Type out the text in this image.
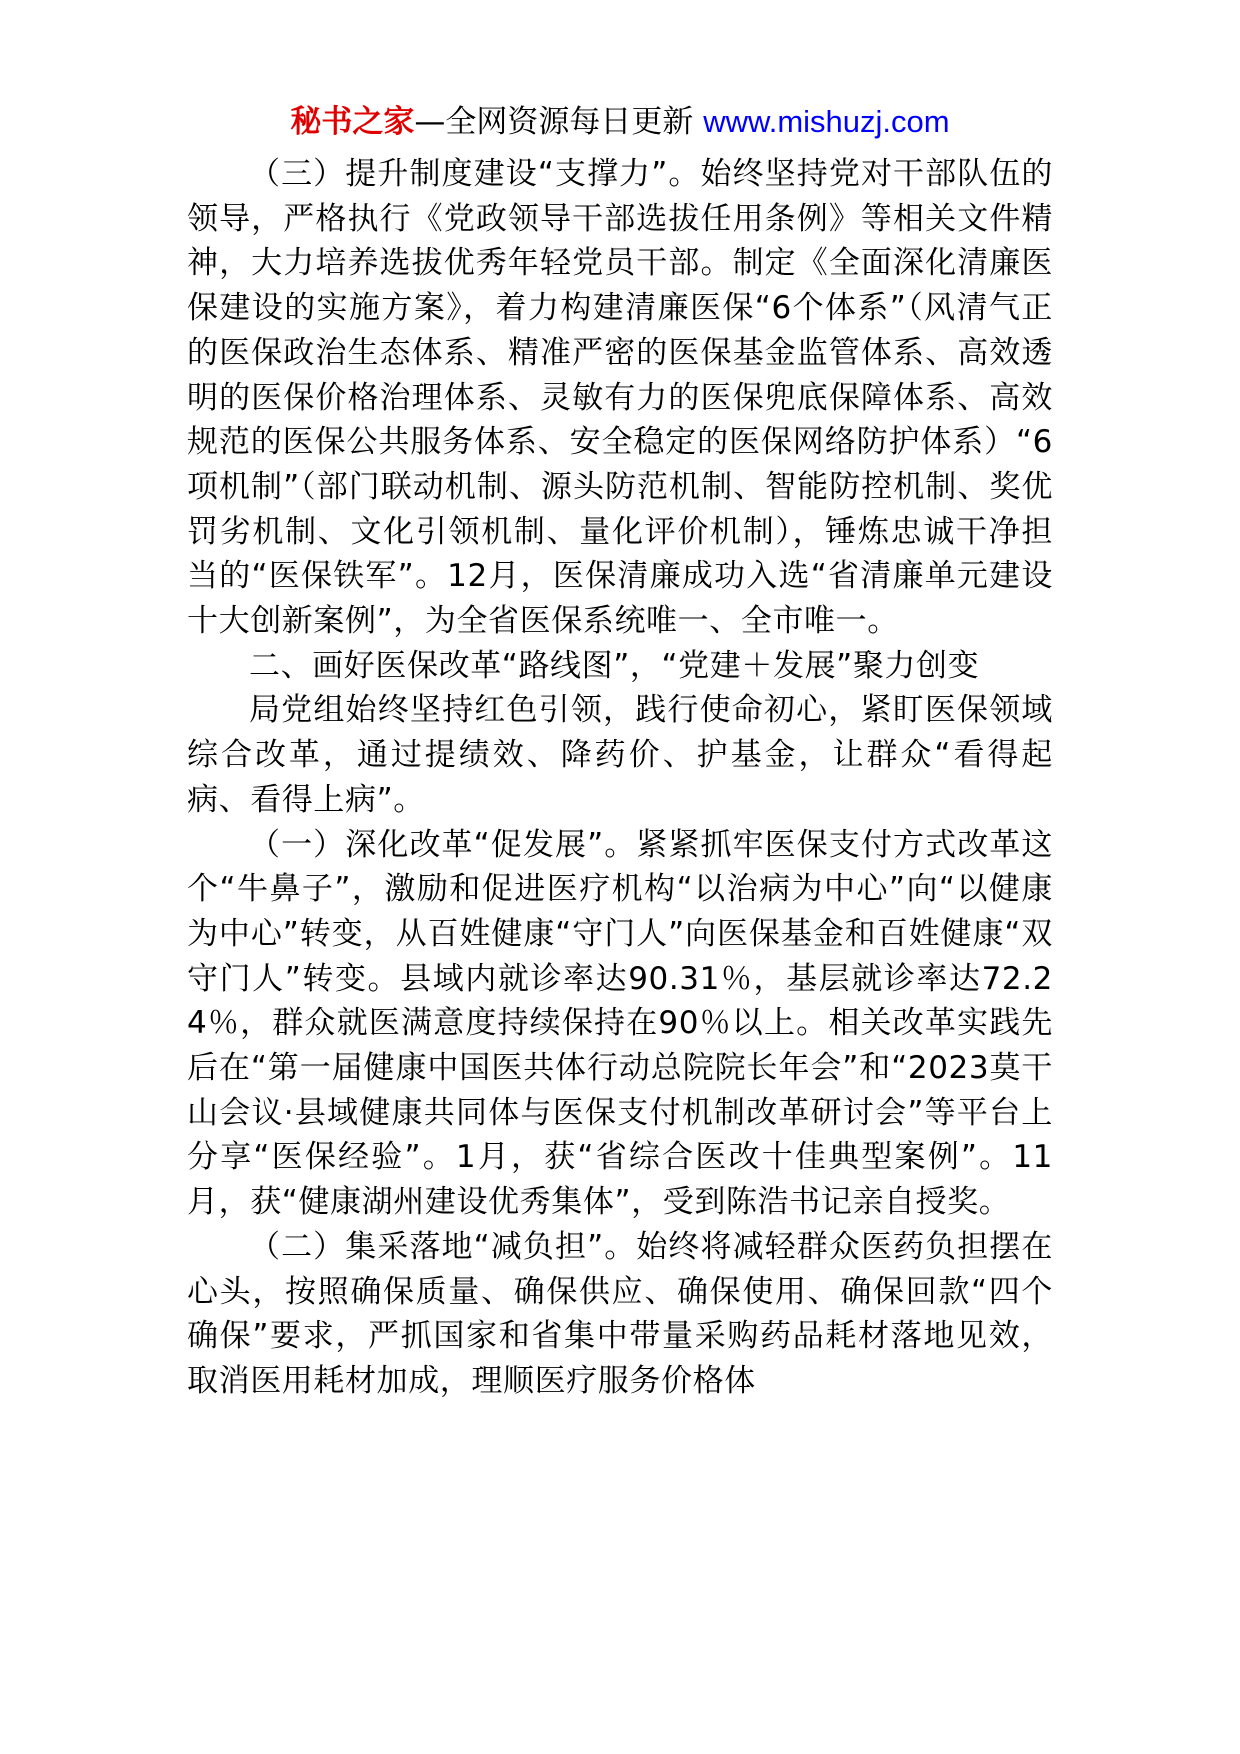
秘书之家—全网资源每日更新 www.mishuzj.com

（三）提升制度建设“支撑力”。始终坚持党对干部队伍的领导，严格执行《党政领导干部选拔任用条例》等相关文件精神，大力培养选拔优秀年轻党员干部。制定《全面深化清廉医保建设的实施方案》，着力构建清廉医保“6个体系”（风清气正的医保政治生态体系、精准严密的医保基金监管体系、高效透明的医保价格治理体系、灵敏有力的医保兜底保障体系、高效规范的医保公共服务体系、安全稳定的医保网络防护体系）“6项机制”（部门联动机制、源头防范机制、智能防控机制、奖优罚劣机制、文化引领机制、量化评价机制），锤炼忠诚干净担当的“医保铁军”。12月，医保清廉成功入选“省清廉单元建设十大创新案例”，为全省医保系统唯一、全市唯一。

二、画好医保改革“路线图”，“党建＋发展”聚力创变

局党组始终坚持红色引领，践行使命初心，紧盯医保领域综合改革，通过提绩效、降药价、护基金，让群众“看得起病、看得上病”。

（一）深化改革“促发展”。紧紧抓牢医保支付方式改革这个“牛鼻子”，激励和促进医疗机构“以治病为中心”向“以健康为中心”转变，从百姓健康“守门人”向医保基金和百姓健康“双守门人”转变。县域内就诊率达90.31％，基层就诊率达72.24％，群众就医满意度持续保持在90％以上。相关改革实践先后在“第一届健康中国医共体行动总院院长年会”和“2023莫干山会议·县域健康共同体与医保支付机制改革研讨会”等平台上分享“医保经验”。1月，获“省综合医改十佳典型案例”。11月，获“健康湖州建设优秀集体”，受到陈浩书记亲自授奖。

（二）集采落地“减负担”。始终将减轻群众医药负担摆在心头，按照确保质量、确保供应、确保使用、确保回款“四个确保”要求，严抓国家和省集中带量采购药品耗材落地见效，取消医用耗材加成，理顺医疗服务价格体
